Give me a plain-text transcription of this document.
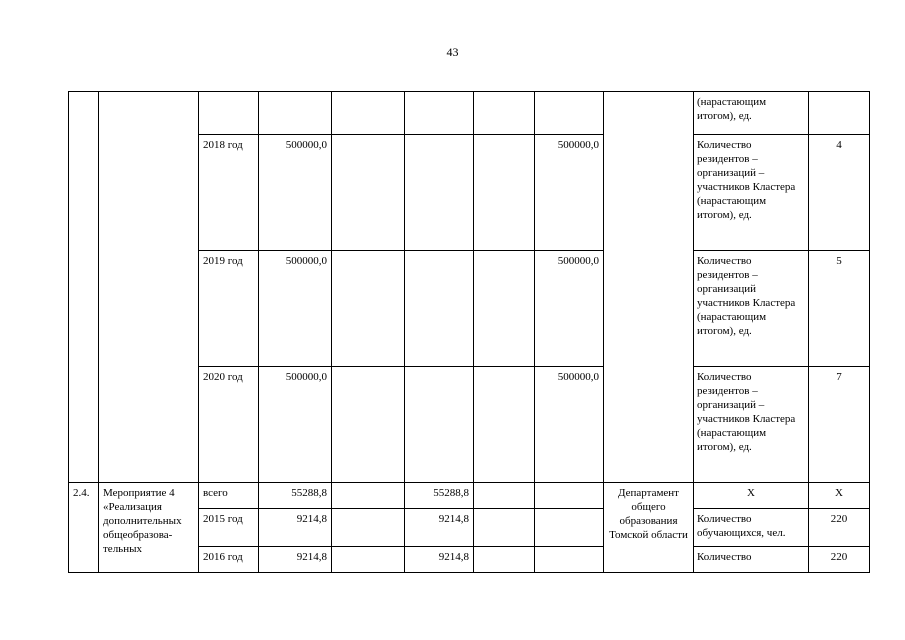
43
									(нарастающим итогом), ед.	
		2018 год	500000,0				500000,0		Количество резидентов – организаций – участников Кластера (нарастающим итогом), ед.	4
		2019 год	500000,0				500000,0		Количество резидентов – организаций участников Кластера (нарастающим итогом), ед.	5
		2020 год	500000,0				500000,0		Количество резидентов – организаций – участников Кластера (нарастающим итогом), ед.	7
2.4.	Мероприятие 4 «Реализация дополнительных общеобразова-тельных	всего	55288,8		55288,8			Департамент общего образования Томской области	X	X
		2015 год	9214,8		9214,8				Количество обучающихся, чел.	220
		2016 год	9214,8		9214,8				Количество	220
